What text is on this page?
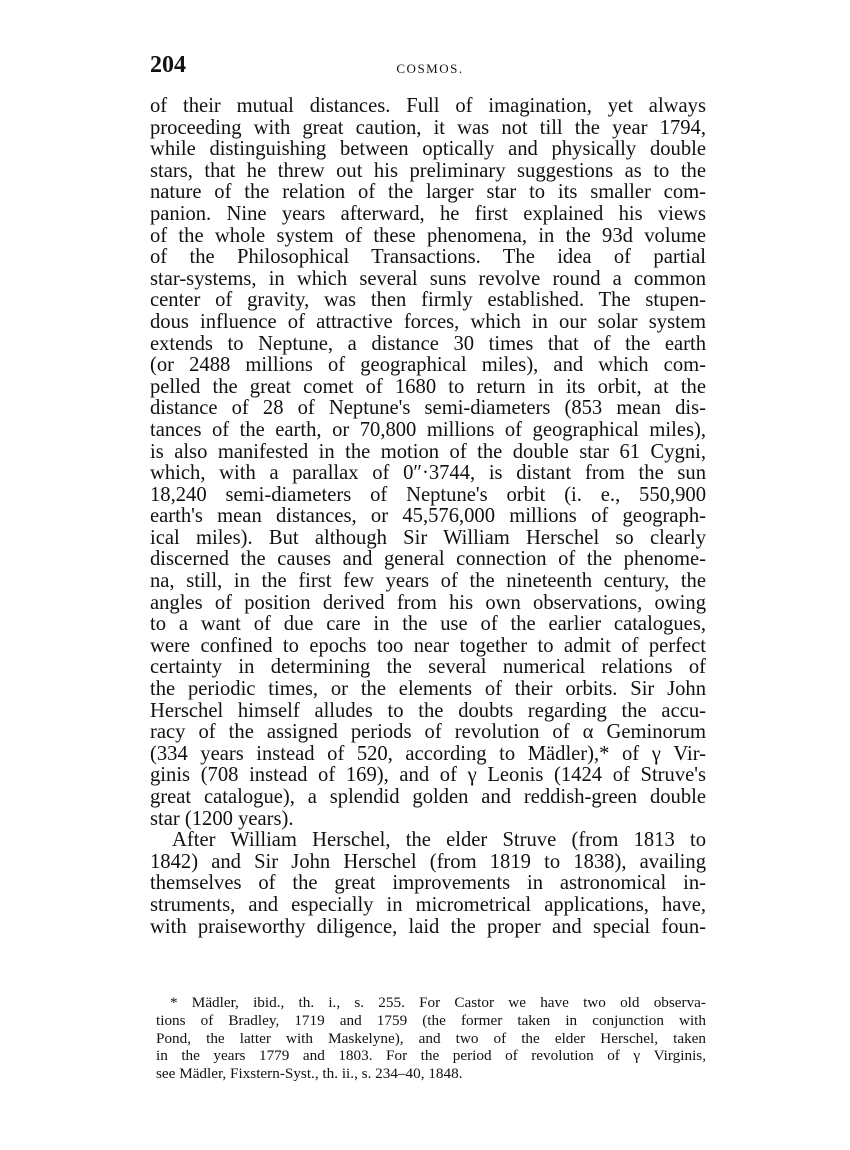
204	COSMOS.
of their mutual distances. Full of imagination, yet always
proceeding with great caution, it was not till the year 1794,
while distinguishing between optically and physically double
stars, that he threw out his preliminary suggestions as to the
nature of the relation of the larger star to its smaller com-
panion. Nine years afterward, he first explained his views
of the whole system of these phenomena, in the 93d volume
of the Philosophical Transactions. The idea of partial
star-systems, in which several suns revolve round a common
center of gravity, was then firmly established. The stupen-
dous influence of attractive forces, which in our solar system
extends to Neptune, a distance 30 times that of the earth
(or 2488 millions of geographical miles), and which com-
pelled the great comet of 1680 to return in its orbit, at the
distance of 28 of Neptune's semi-diameters (853 mean dis-
tances of the earth, or 70,800 millions of geographical miles),
is also manifested in the motion of the double star 61 Cygni,
which, with a parallax of 0″·3744, is distant from the sun
18,240 semi-diameters of Neptune's orbit (i. e., 550,900
earth's mean distances, or 45,576,000 millions of geograph-
ical miles). But although Sir William Herschel so clearly
discerned the causes and general connection of the phenome-
na, still, in the first few years of the nineteenth century, the
angles of position derived from his own observations, owing
to a want of due care in the use of the earlier catalogues,
were confined to epochs too near together to admit of perfect
certainty in determining the several numerical relations of
the periodic times, or the elements of their orbits. Sir John
Herschel himself alludes to the doubts regarding the accu-
racy of the assigned periods of revolution of α Geminorum
(334 years instead of 520, according to Mädler),* of γ Vir-
ginis (708 instead of 169), and of γ Leonis (1424 of Struve's
great catalogue), a splendid golden and reddish-green double
star (1200 years).
After William Herschel, the elder Struve (from 1813 to
1842) and Sir John Herschel (from 1819 to 1838), availing
themselves of the great improvements in astronomical in-
struments, and especially in micrometrical applications, have,
with praiseworthy diligence, laid the proper and special foun-
* Mädler, ibid., th. i., s. 255. For Castor we have two old observa-
tions of Bradley, 1719 and 1759 (the former taken in conjunction with
Pond, the latter with Maskelyne), and two of the elder Herschel, taken
in the years 1779 and 1803. For the period of revolution of γ Virginis,
see Mädler, Fixstern-Syst., th. ii., s. 234–40, 1848.
